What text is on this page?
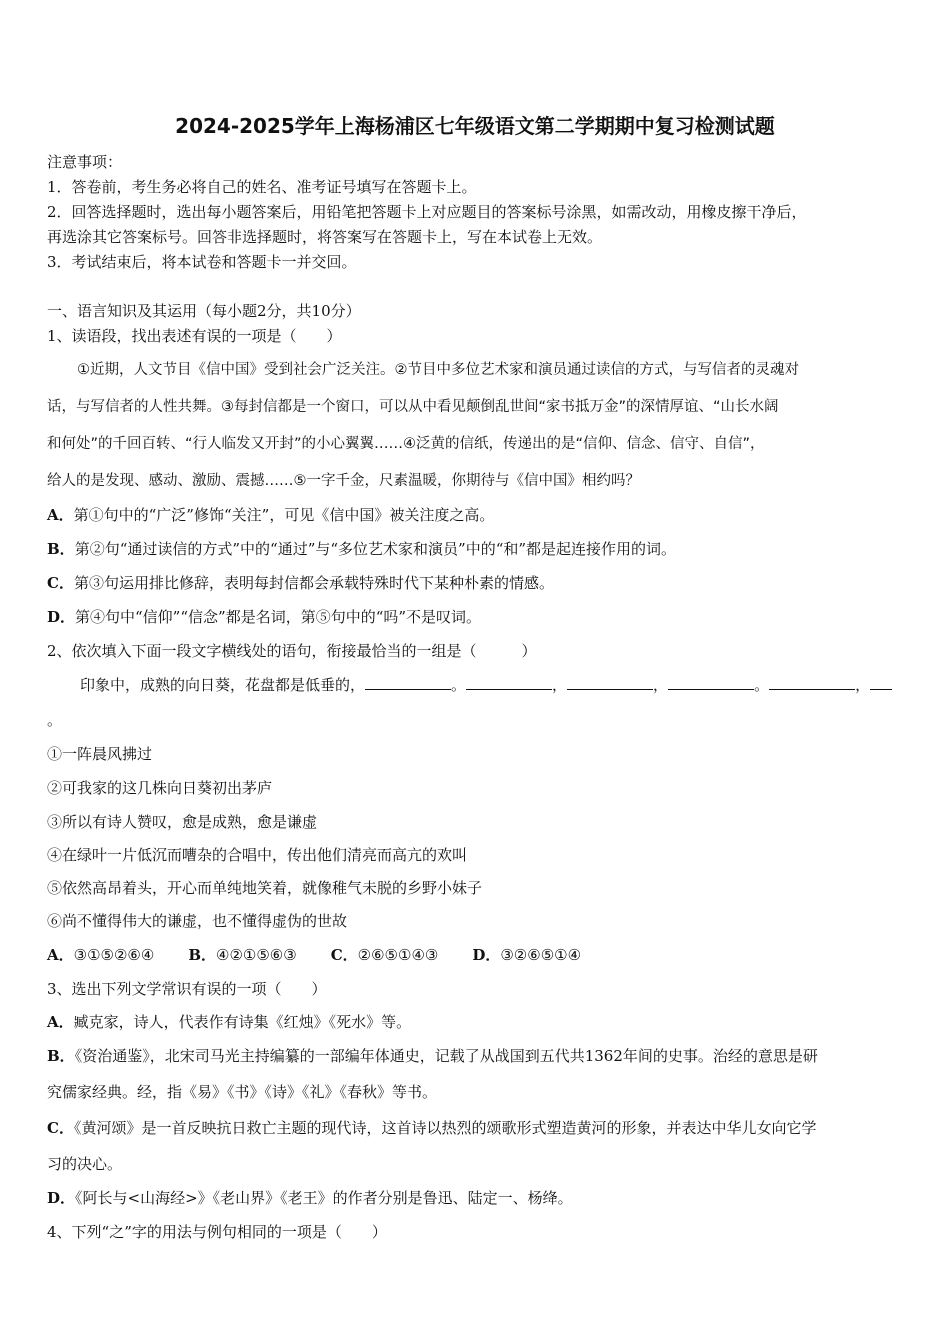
2024-2025学年上海杨浦区七年级语文第二学期期中复习检测试题
注意事项：
1．答卷前，考生务必将自己的姓名、准考证号填写在答题卡上。
2．回答选择题时，选出每小题答案后，用铅笔把答题卡上对应题目的答案标号涂黑，如需改动，用橡皮擦干净后，
再选涂其它答案标号。回答非选择题时，将答案写在答题卡上，写在本试卷上无效。
3．考试结束后，将本试卷和答题卡一并交回。
一、语言知识及其运用（每小题2分，共10分）
1、读语段，找出表述有误的一项是（　　）
①近期，人文节目《信中国》受到社会广泛关注。②节目中多位艺术家和演员通过读信的方式，与写信者的灵魂对
话，与写信者的人性共舞。③每封信都是一个窗口，可以从中看见颠倒乱世间“家书抵万金”的深情厚谊、“山长水阔
和何处”的千回百转、“行人临发又开封”的小心翼翼……④泛黄的信纸，传递出的是“信仰、信念、信守、自信”，
给人的是发现、感动、激励、震撼……⑤一字千金，尺素温暖，你期待与《信中国》相约吗？
A．第①句中的“广泛”修饰“关注”，可见《信中国》被关注度之高。
B．第②句“通过读信的方式”中的“通过”与“多位艺术家和演员”中的“和”都是起连接作用的词。
C．第③句运用排比修辞，表明每封信都会承载特殊时代下某种朴素的情感。
D．第④句中“信仰”“信念”都是名词，第⑤句中的“吗”不是叹词。
2、依次填入下面一段文字横线处的语句，衔接最恰当的一组是（　　　）
印象中，成熟的向日葵，花盘都是低垂的，	。	，	，	。	，
。
①一阵晨风拂过
②可我家的这几株向日葵初出茅庐
③所以有诗人赞叹，愈是成熟，愈是谦虚
④在绿叶一片低沉而嘈杂的合唱中，传出他们清亮而高亢的欢叫
⑤依然高昂着头，开心而单纯地笑着，就像稚气未脱的乡野小妹子
⑥尚不懂得伟大的谦虚，也不懂得虚伪的世故
A．③①⑤②⑥④ B．④②①⑤⑥③ C．②⑥⑤①④③ D．③②⑥⑤①④
3、选出下列文学常识有误的一项（　　）
A．臧克家，诗人，代表作有诗集《红烛》《死水》等。
B．《资治通鉴》，北宋司马光主持编纂的一部编年体通史，记载了从战国到五代共1362年间的史事。治经的意思是研
究儒家经典。经，指《易》《书》《诗》《礼》《春秋》等书。
C．《黄河颂》是一首反映抗日救亡主题的现代诗，这首诗以热烈的颂歌形式塑造黄河的形象，并表达中华儿女向它学
习的决心。
D．《阿长与<山海经>》《老山界》《老王》的作者分别是鲁迅、陆定一、杨绛。
4、下列“之”字的用法与例句相同的一项是（　　）
